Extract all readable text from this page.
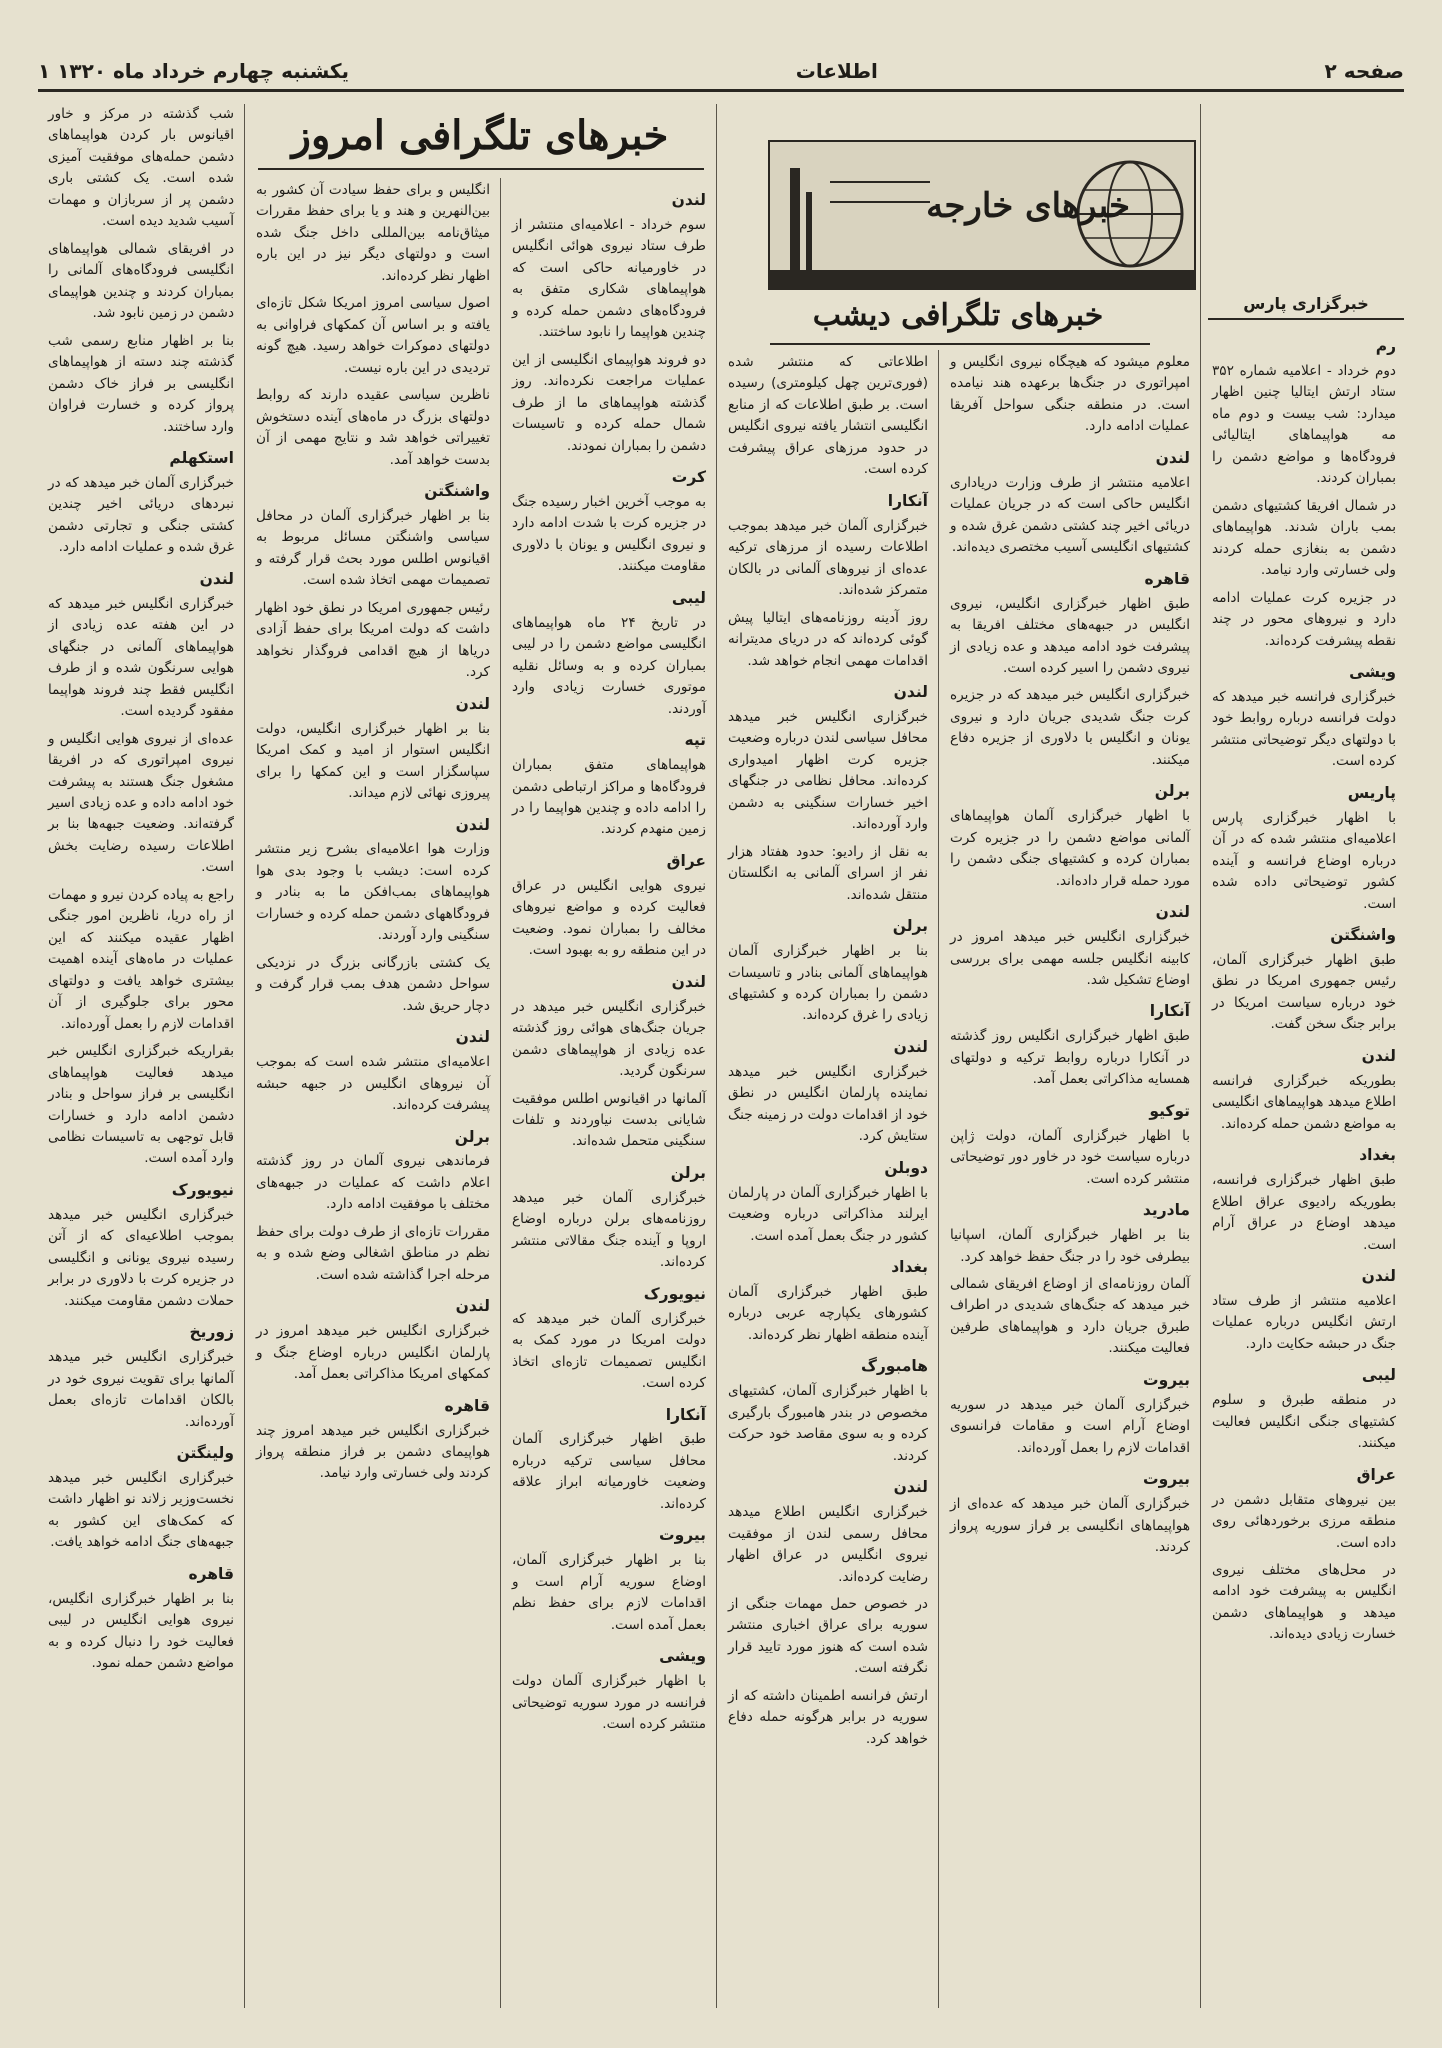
صفحه ۲
اطلاعات
یکشنبه چهارم خرداد ماه ۱۳۲۰ ۱
خبرهای خارجه
خبرهای تلگرافی امروز
خبرهای تلگرافی دیشب	خبرگزاری پارس

شب گذشته در مرکز و خاور اقیانوس بار کردن هواپیماهای دشمن حمله‌های موفقیت آمیزی شده است. یک کشتی باری دشمن پر از سربازان و مهمات آسیب شدید دیده است.

در افریقای شمالی هواپیماهای انگلیسی فرودگاه‌های آلمانی را بمباران کردند و چندین هواپیمای دشمن در زمین نابود شد.

بنا بر اظهار منابع رسمی شب گذشته چند دسته از هواپیماهای انگلیسی بر فراز خاک دشمن پرواز کرده و خسارت فراوان وارد ساختند.

استکهلم

خبرگزاری آلمان خبر میدهد که در نبردهای دریائی اخیر چندین کشتی جنگی و تجارتی دشمن غرق شده و عملیات ادامه دارد.

لندن

خبرگزاری انگلیس خبر میدهد که در این هفته عده زیادی از هواپیماهای آلمانی در جنگهای هوایی سرنگون شده و از طرف انگلیس فقط چند فروند هواپیما مفقود گردیده است.

عده‌ای از نیروی هوایی انگلیس و نیروی امپراتوری که در افریقا مشغول جنگ هستند به پیشرفت خود ادامه داده و عده زیادی اسیر گرفته‌اند. وضعیت جبهه‌ها بنا بر اطلاعات رسیده رضایت بخش است.

راجع به پیاده کردن نیرو و مهمات از راه دریا، ناظرین امور جنگی اظهار عقیده میکنند که این عملیات در ماه‌های آینده اهمیت بیشتری خواهد یافت و دولتهای محور برای جلوگیری از آن اقدامات لازم را بعمل آورده‌اند.

بقراریکه خبرگزاری انگلیس خبر میدهد فعالیت هواپیماهای انگلیسی بر فراز سواحل و بنادر دشمن ادامه دارد و خسارات قابل توجهی به تاسیسات نظامی وارد آمده است.

نیویورک

خبرگزاری انگلیس خبر میدهد بموجب اطلاعیه‌ای که از آتن رسیده نیروی یونانی و انگلیسی در جزیره کرت با دلاوری در برابر حملات دشمن مقاومت میکنند.

زوریخ

خبرگزاری انگلیس خبر میدهد آلمانها برای تقویت نیروی خود در بالکان اقدامات تازه‌ای بعمل آورده‌اند.

ولینگتن

خبرگزاری انگلیس خبر میدهد نخست‌وزیر زلاند نو اظهار داشت که کمک‌های این کشور به جبهه‌های جنگ ادامه خواهد یافت.

قاهره

بنا بر اظهار خبرگزاری انگلیس، نیروی هوایی انگلیس در لیبی فعالیت خود را دنبال کرده و به مواضع دشمن حمله نمود.

انگلیس و برای حفظ سیادت آن کشور به بین‌النهرین و هند و یا برای حفظ مقررات میثاق‌نامه بین‌المللی داخل جنگ شده است و دولتهای دیگر نیز در این باره اظهار نظر کرده‌اند.

اصول سیاسی امروز امریکا شکل تازه‌ای یافته و بر اساس آن کمکهای فراوانی به دولتهای دموکرات خواهد رسید. هیچ گونه تردیدی در این باره نیست.

ناظرین سیاسی عقیده دارند که روابط دولتهای بزرگ در ماه‌های آینده دستخوش تغییراتی خواهد شد و نتایج مهمی از آن بدست خواهد آمد.

واشنگتن

بنا بر اظهار خبرگزاری آلمان در محافل سیاسی واشنگتن مسائل مربوط به اقیانوس اطلس مورد بحث قرار گرفته و تصمیمات مهمی اتخاذ شده است.

رئیس جمهوری امریکا در نطق خود اظهار داشت که دولت امریکا برای حفظ آزادی دریاها از هیچ اقدامی فروگذار نخواهد کرد.

لندن

بنا بر اظهار خبرگزاری انگلیس، دولت انگلیس استوار از امید و کمک امریکا سپاسگزار است و این کمکها را برای پیروزی نهائی لازم میداند.

لندن

وزارت هوا اعلامیه‌ای بشرح زیر منتشر کرده است: دیشب با وجود بدی هوا هواپیماهای بمب‌افکن ما به بنادر و فرودگاههای دشمن حمله کرده و خسارات سنگینی وارد آوردند.

یک کشتی بازرگانی بزرگ در نزدیکی سواحل دشمن هدف بمب قرار گرفت و دچار حریق شد.

لندن

اعلامیه‌ای منتشر شده است که بموجب آن نیروهای انگلیس در جبهه حبشه پیشرفت کرده‌اند.

برلن

فرماندهی نیروی آلمان در روز گذشته اعلام داشت که عملیات در جبهه‌های مختلف با موفقیت ادامه دارد.

مقررات تازه‌ای از طرف دولت برای حفظ نظم در مناطق اشغالی وضع شده و به مرحله اجرا گذاشته شده است.

لندن

خبرگزاری انگلیس خبر میدهد امروز در پارلمان انگلیس درباره اوضاع جنگ و کمکهای امریکا مذاکراتی بعمل آمد.

قاهره

خبرگزاری انگلیس خبر میدهد امروز چند هواپیمای دشمن بر فراز منطقه پرواز کردند ولی خسارتی وارد نیامد.

لندن

سوم خرداد - اعلامیه‌ای منتشر از طرف ستاد نیروی هوائی انگلیس در خاورمیانه حاکی است که هواپیماهای شکاری متفق به فرودگاه‌های دشمن حمله کرده و چندین هواپیما را نابود ساختند.

دو فروند هواپیمای انگلیسی از این عملیات مراجعت نکرده‌اند. روز گذشته هواپیماهای ما از طرف شمال حمله کرده و تاسیسات دشمن را بمباران نمودند.

کرت

به موجب آخرین اخبار رسیده جنگ در جزیره کرت با شدت ادامه دارد و نیروی انگلیس و یونان با دلاوری مقاومت میکنند.

لیبی

در تاریخ ۲۴ ماه هواپیماهای انگلیسی مواضع دشمن را در لیبی بمباران کرده و به وسائل نقلیه موتوری خسارت زیادی وارد آوردند.

تپه

هواپیماهای متفق بمباران فرودگاه‌ها و مراکز ارتباطی دشمن را ادامه داده و چندین هواپیما را در زمین منهدم کردند.

عراق

نیروی هوایی انگلیس در عراق فعالیت کرده و مواضع نیروهای مخالف را بمباران نمود. وضعیت در این منطقه رو به بهبود است.

لندن

خبرگزاری انگلیس خبر میدهد در جریان جنگ‌های هوائی روز گذشته عده زیادی از هواپیماهای دشمن سرنگون گردید.

آلمانها در اقیانوس اطلس موفقیت شایانی بدست نیاوردند و تلفات سنگینی متحمل شده‌اند.

برلن

خبرگزاری آلمان خبر میدهد روزنامه‌های برلن درباره اوضاع اروپا و آینده جنگ مقالاتی منتشر کرده‌اند.

نیویورک

خبرگزاری آلمان خبر میدهد که دولت امریکا در مورد کمک به انگلیس تصمیمات تازه‌ای اتخاذ کرده است.

آنکارا

طبق اظهار خبرگزاری آلمان محافل سیاسی ترکیه درباره وضعیت خاورمیانه ابراز علاقه کرده‌اند.

بیروت

بنا بر اظهار خبرگزاری آلمان، اوضاع سوریه آرام است و اقدامات لازم برای حفظ نظم بعمل آمده است.

ویشی

با اظهار خبرگزاری آلمان دولت فرانسه در مورد سوریه توضیحاتی منتشر کرده است.

اطلاعاتی که منتشر شده (فوری‌ترین چهل کیلومتری) رسیده است. بر طبق اطلاعات که از منابع انگلیسی انتشار یافته نیروی انگلیس در حدود مرزهای عراق پیشرفت کرده است.

آنکارا

خبرگزاری آلمان خبر میدهد بموجب اطلاعات رسیده از مرزهای ترکیه عده‌ای از نیروهای آلمانی در بالکان متمرکز شده‌اند.

روز آدینه روزنامه‌های ایتالیا پیش گوئی کرده‌اند که در دریای مدیترانه اقدامات مهمی انجام خواهد شد.

لندن

خبرگزاری انگلیس خبر میدهد محافل سیاسی لندن درباره وضعیت جزیره کرت اظهار امیدواری کرده‌اند. محافل نظامی در جنگهای اخیر خسارات سنگینی به دشمن وارد آورده‌اند.

به نقل از رادیو: حدود هفتاد هزار نفر از اسرای آلمانی به انگلستان منتقل شده‌اند.

برلن

بنا بر اظهار خبرگزاری آلمان هواپیماهای آلمانی بنادر و تاسیسات دشمن را بمباران کرده و کشتیهای زیادی را غرق کرده‌اند.

لندن

خبرگزاری انگلیس خبر میدهد نماینده پارلمان انگلیس در نطق خود از اقدامات دولت در زمینه جنگ ستایش کرد.

دوبلن

با اظهار خبرگزاری آلمان در پارلمان ایرلند مذاکراتی درباره وضعیت کشور در جنگ بعمل آمده است.

بغداد

طبق اظهار خبرگزاری آلمان کشورهای یکپارچه عربی درباره آینده منطقه اظهار نظر کرده‌اند.

هامبورگ

با اظهار خبرگزاری آلمان، کشتیهای مخصوص در بندر هامبورگ بارگیری کرده و به سوی مقاصد خود حرکت کردند.

لندن

خبرگزاری انگلیس اطلاع میدهد محافل رسمی لندن از موفقیت نیروی انگلیس در عراق اظهار رضایت کرده‌اند.

در خصوص حمل مهمات جنگی از سوریه برای عراق اخباری منتشر شده است که هنوز مورد تایید قرار نگرفته است.

ارتش فرانسه اطمینان داشته که از سوریه در برابر هرگونه حمله دفاع خواهد کرد.

معلوم میشود که هیچگاه نیروی انگلیس و امپراتوری در جنگ‌ها برعهده هند نیامده است. در منطقه جنگی سواحل آفریقا عملیات ادامه دارد.

لندن

اعلامیه منتشر از طرف وزارت دریاداری انگلیس حاکی است که در جریان عملیات دریائی اخیر چند کشتی دشمن غرق شده و کشتیهای انگلیسی آسیب مختصری دیده‌اند.

قاهره

طبق اظهار خبرگزاری انگلیس، نیروی انگلیس در جبهه‌های مختلف افریقا به پیشرفت خود ادامه میدهد و عده زیادی از نیروی دشمن را اسیر کرده است.

خبرگزاری انگلیس خبر میدهد که در جزیره کرت جنگ شدیدی جریان دارد و نیروی یونان و انگلیس با دلاوری از جزیره دفاع میکنند.

برلن

با اظهار خبرگزاری آلمان هواپیماهای آلمانی مواضع دشمن را در جزیره کرت بمباران کرده و کشتیهای جنگی دشمن را مورد حمله قرار داده‌اند.

لندن

خبرگزاری انگلیس خبر میدهد امروز در کابینه انگلیس جلسه مهمی برای بررسی اوضاع تشکیل شد.

آنکارا

طبق اظهار خبرگزاری انگلیس روز گذشته در آنکارا درباره روابط ترکیه و دولتهای همسایه مذاکراتی بعمل آمد.

توکیو

با اظهار خبرگزاری آلمان، دولت ژاپن درباره سیاست خود در خاور دور توضیحاتی منتشر کرده است.

مادرید

بنا بر اظهار خبرگزاری آلمان، اسپانیا بیطرفی خود را در جنگ حفظ خواهد کرد.

آلمان روزنامه‌ای از اوضاع افریقای شمالی خبر میدهد که جنگ‌های شدیدی در اطراف طبرق جریان دارد و هواپیماهای طرفین فعالیت میکنند.

بیروت

خبرگزاری آلمان خبر میدهد در سوریه اوضاع آرام است و مقامات فرانسوی اقدامات لازم را بعمل آورده‌اند.

بیروت

خبرگزاری آلمان خبر میدهد که عده‌ای از هواپیماهای انگلیسی بر فراز سوریه پرواز کردند.

رم

دوم خرداد - اعلامیه شماره ۳۵۲ ستاد ارتش ایتالیا چنین اظهار میدارد: شب بیست و دوم ماه مه هواپیماهای ایتالیائی فرودگاه‌ها و مواضع دشمن را بمباران کردند.

در شمال افریقا کشتیهای دشمن بمب باران شدند. هواپیماهای دشمن به بنغازی حمله کردند ولی خسارتی وارد نیامد.

در جزیره کرت عملیات ادامه دارد و نیروهای محور در چند نقطه پیشرفت کرده‌اند.

ویشی

خبرگزاری فرانسه خبر میدهد که دولت فرانسه درباره روابط خود با دولتهای دیگر توضیحاتی منتشر کرده است.

پاریس

با اظهار خبرگزاری پارس اعلامیه‌ای منتشر شده که در آن درباره اوضاع فرانسه و آینده کشور توضیحاتی داده شده است.

واشنگتن

طبق اظهار خبرگزاری آلمان، رئیس جمهوری امریکا در نطق خود درباره سیاست امریکا در برابر جنگ سخن گفت.

لندن

بطوریکه خبرگزاری فرانسه اطلاع میدهد هواپیماهای انگلیسی به مواضع دشمن حمله کرده‌اند.

بغداد

طبق اظهار خبرگزاری فرانسه، بطوریکه رادیوی عراق اطلاع میدهد اوضاع در عراق آرام است.

لندن

اعلامیه منتشر از طرف ستاد ارتش انگلیس درباره عملیات جنگ در حبشه حکایت دارد.

لیبی

در منطقه طبرق و سلوم کشتیهای جنگی انگلیس فعالیت میکنند.

عراق

بین نیروهای متقابل دشمن در منطقه مرزی برخوردهائی روی داده است.

در محل‌های مختلف نیروی انگلیس به پیشرفت خود ادامه میدهد و هواپیماهای دشمن خسارت زیادی دیده‌اند.
